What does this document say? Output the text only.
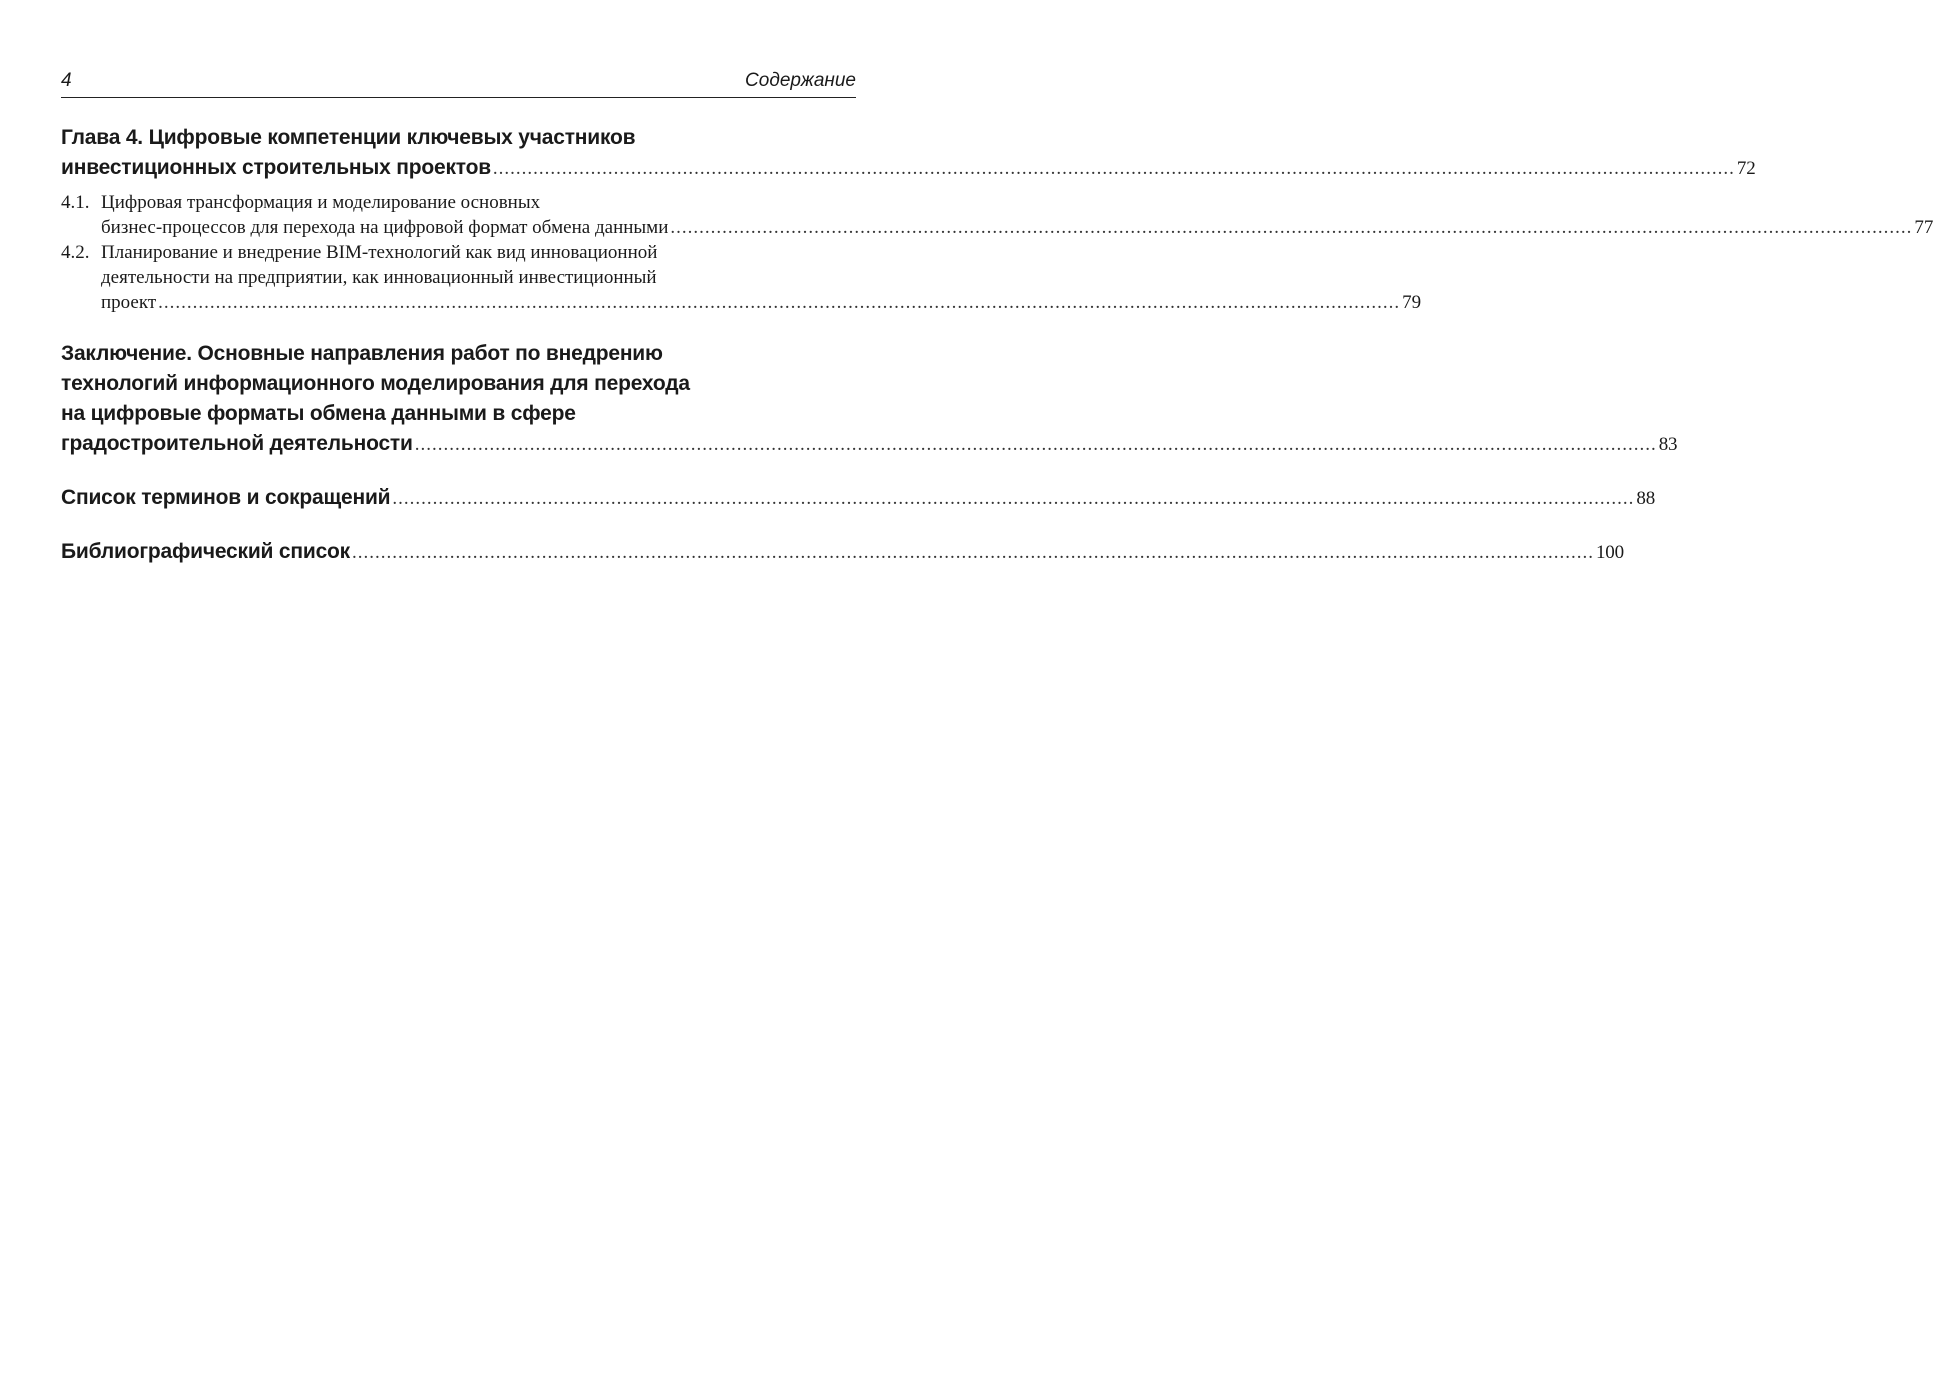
4	Содержание
Глава 4. Цифровые компетенции ключевых участников
инвестиционных строительных проектов ........................................................................................................................................................................................................................ 72
4.1. Цифровая трансформация и моделирование основных
бизнес-процессов для перехода на цифровой формат обмена данными ........................................................................................................................................................................................................................ 77
4.2. Планирование и внедрение BIM-технологий как вид инновационной
деятельности на предприятии, как инновационный инвестиционный
проект ........................................................................................................................................................................................................................ 79
Заключение. Основные направления работ по внедрению
технологий информационного моделирования для перехода
на цифровые форматы обмена данными в сфере
градостроительной деятельности ........................................................................................................................................................................................................................ 83
Список терминов и сокращений ........................................................................................................................................................................................................................ 88
Библиографический список ........................................................................................................................................................................................................................ 100
